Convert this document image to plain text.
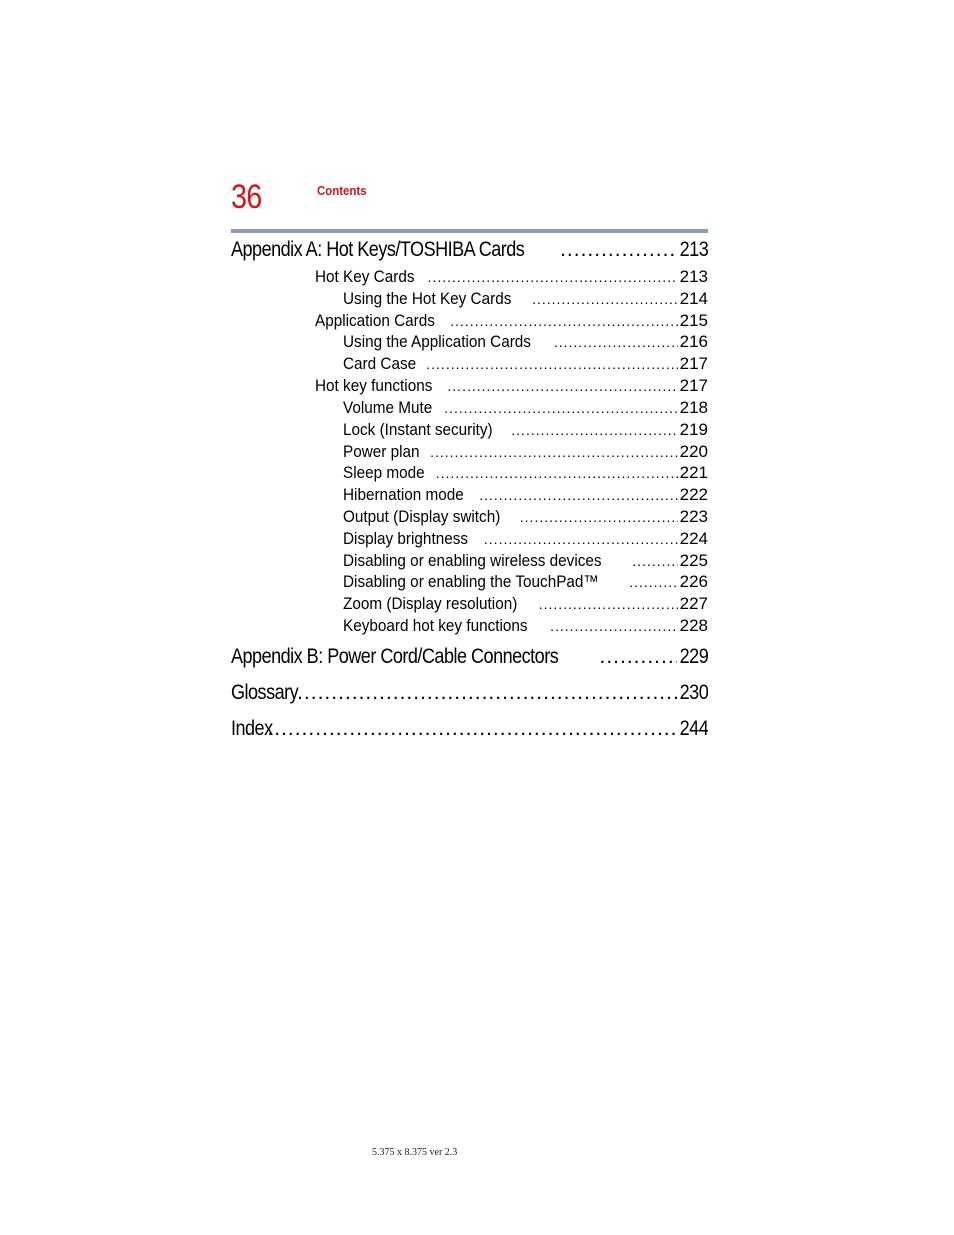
36	Contents
Appendix A: Hot Keys/TOSHIBA Cards .....	213
Hot Key Cards .....	213
Using the Hot Key Cards .....	214
Application Cards .....	215
Using the Application Cards .....	216
Card Case .....	217
Hot key functions .....	217
Volume Mute .....	218
Lock (Instant security) .....	219
Power plan .....	220
Sleep mode .....	221
Hibernation mode .....	222
Output (Display switch) .....	223
Display brightness .....	224
Disabling or enabling wireless devices .....	225
Disabling or enabling the TouchPad™ .....	226
Zoom (Display resolution) .....	227
Keyboard hot key functions .....	228
Appendix B: Power Cord/Cable Connectors .....	229
Glossary .....	230
Index .....	244
5.375 x 8.375 ver 2.3
